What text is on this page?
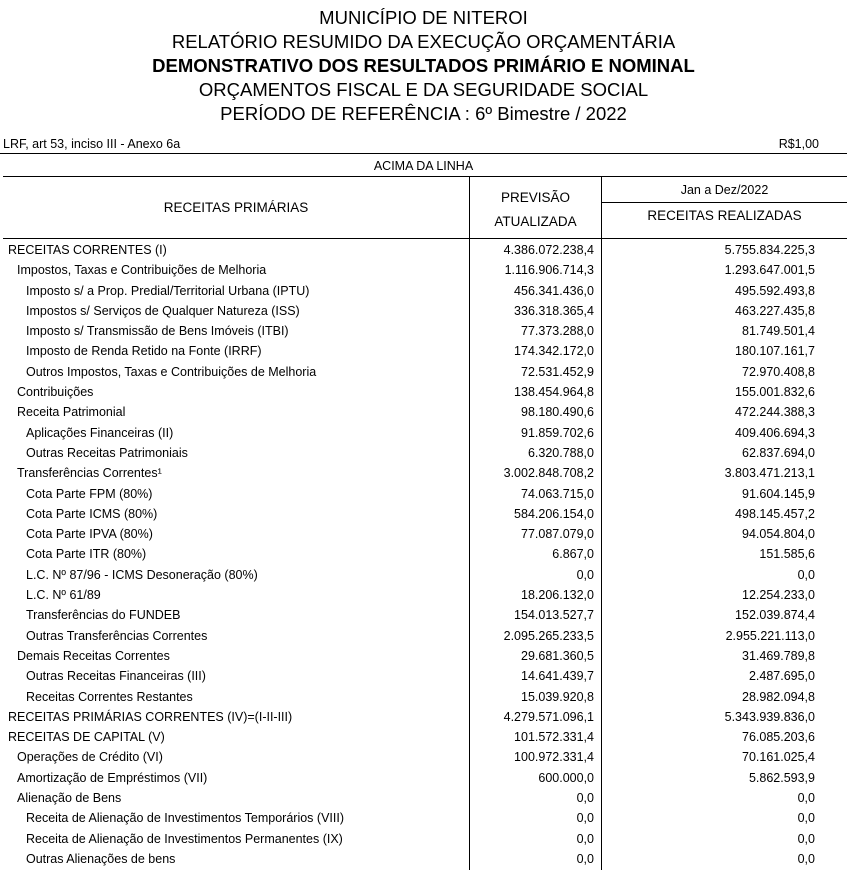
MUNICÍPIO DE NITEROI
RELATÓRIO RESUMIDO DA EXECUÇÃO ORÇAMENTÁRIA
DEMONSTRATIVO DOS RESULTADOS PRIMÁRIO E NOMINAL
ORÇAMENTOS FISCAL E DA SEGURIDADE SOCIAL
PERÍODO DE REFERÊNCIA : 6º Bimestre / 2022
LRF, art 53, inciso III - Anexo 6a	R$1,00
ACIMA DA LINHA
RECEITAS PRIMÁRIAS
PREVISÃO
ATUALIZADA
Jan a Dez/2022
RECEITAS REALIZADAS
RECEITAS CORRENTES (I)	4.386.072.238,4	5.755.834.225,3
Impostos, Taxas e Contribuições de Melhoria	1.116.906.714,3	1.293.647.001,5
Imposto s/ a Prop. Predial/Territorial Urbana (IPTU)	456.341.436,0	495.592.493,8
Impostos s/ Serviços de Qualquer Natureza (ISS)	336.318.365,4	463.227.435,8
Imposto s/ Transmissão de Bens Imóveis (ITBI)	77.373.288,0	81.749.501,4
Imposto de Renda Retido na Fonte (IRRF)	174.342.172,0	180.107.161,7
Outros Impostos, Taxas e Contribuições de Melhoria	72.531.452,9	72.970.408,8
Contribuições	138.454.964,8	155.001.832,6
Receita Patrimonial	98.180.490,6	472.244.388,3
Aplicações Financeiras (II)	91.859.702,6	409.406.694,3
Outras Receitas Patrimoniais	6.320.788,0	62.837.694,0
Transferências Correntes¹	3.002.848.708,2	3.803.471.213,1
Cota Parte FPM (80%)	74.063.715,0	91.604.145,9
Cota Parte ICMS (80%)	584.206.154,0	498.145.457,2
Cota Parte IPVA (80%)	77.087.079,0	94.054.804,0
Cota Parte ITR (80%)	6.867,0	151.585,6
L.C. Nº 87/96 - ICMS Desoneração (80%)	0,0	0,0
L.C. Nº 61/89	18.206.132,0	12.254.233,0
Transferências do FUNDEB	154.013.527,7	152.039.874,4
Outras Transferências Correntes	2.095.265.233,5	2.955.221.113,0
Demais Receitas Correntes	29.681.360,5	31.469.789,8
Outras Receitas Financeiras (III)	14.641.439,7	2.487.695,0
Receitas Correntes Restantes	15.039.920,8	28.982.094,8
RECEITAS PRIMÁRIAS CORRENTES (IV)=(I-II-III)	4.279.571.096,1	5.343.939.836,0
RECEITAS DE CAPITAL (V)	101.572.331,4	76.085.203,6
Operações de Crédito (VI)	100.972.331,4	70.161.025,4
Amortização de Empréstimos (VII)	600.000,0	5.862.593,9
Alienação de Bens	0,0	0,0
Receita de Alienação de Investimentos Temporários (VIII)	0,0	0,0
Receita de Alienação de Investimentos Permanentes (IX)	0,0	0,0
Outras Alienações de bens	0,0	0,0
